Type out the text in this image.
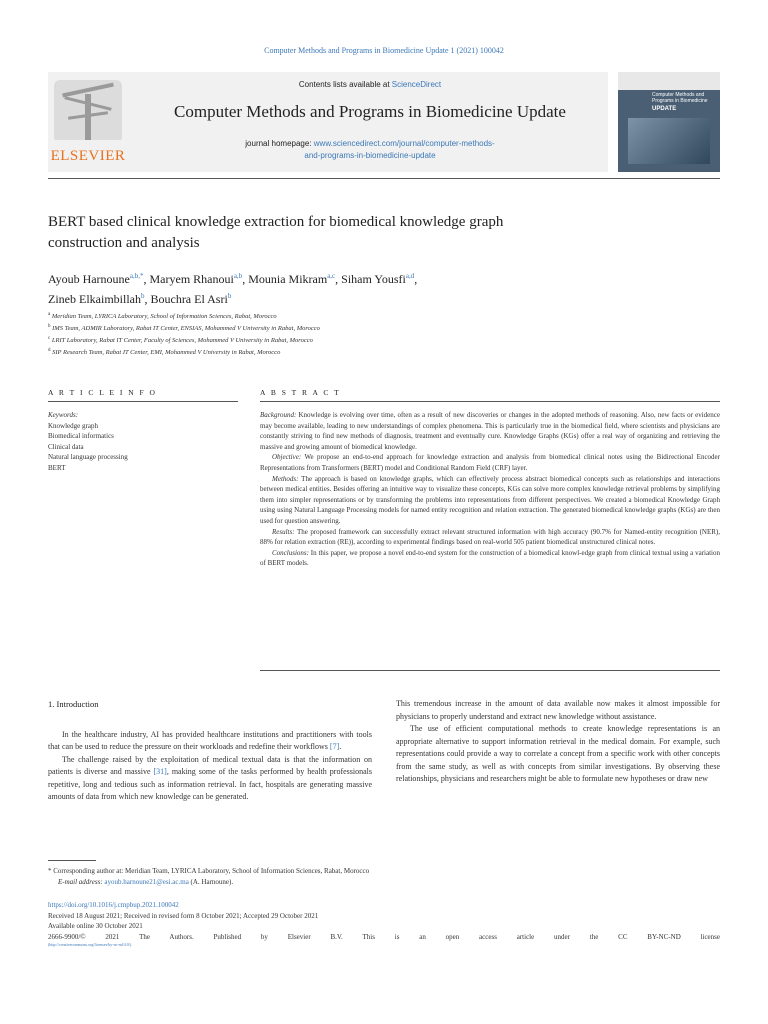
Computer Methods and Programs in Biomedicine Update 1 (2021) 100042
ELSEVIER
Contents lists available at ScienceDirect
Computer Methods and Programs in Biomedicine Update
journal homepage: www.sciencedirect.com/journal/computer-methods-
and-programs-in-biomedicine-update
Computer Methods and Programs in Biomedicine
UPDATE
BERT based clinical knowledge extraction for biomedical knowledge graph
construction and analysis
Ayoub Harnoune$^{a,b,*}$, Maryem Rhanoui$^{a,b}$, Mounia Mikram$^{a,c}$, Siham Yousfi$^{a,d}$,
Zineb Elkaimbillah$^b$, Bouchra El Asri$^b$
$^a$ Meridian Team, LYRICA Laboratory, School of Information Sciences, Rabat, Morocco
$^b$ IMS Team, ADMIR Laboratory, Rabat IT Center, ENSIAS, Mohammed V University in Rabat, Morocco
$^c$ LRIT Laboratory, Rabat IT Center, Faculty of Sciences, Mohammed V University in Rabat, Morocco
$^d$ SIP Research Team, Rabat IT Center, EMI, Mohammed V University in Rabat, Morocco
A R T I C L E I N F O	A B S T R A C T
Keywords:
Knowledge graph
Biomedical informatics
Clinical data
Natural language processing
BERT

Background: Knowledge is evolving over time, often as a result of new discoveries or changes in the adopted methods of reasoning. Also, new facts or evidence may become available, leading to new understandings of complex phenomena. This is particularly true in the biomedical field, where scientists and physicians are constantly striving to find new methods of diagnosis, treatment and eventually cure. Knowledge Graphs (KGs) offer a real way of organizing and retrieving the massive and growing amount of biomedical knowledge.

Objective: We propose an end-to-end approach for knowledge extraction and analysis from biomedical clinical notes using the Bidirectional Encoder Representations from Transformers (BERT) model and Conditional Random Field (CRF) layer.

Methods: The approach is based on knowledge graphs, which can effectively process abstract biomedical concepts such as relationships and interactions between medical entities. Besides offering an intuitive way to visualize these concepts, KGs can solve more complex knowledge retrieval problems by simplifying them into simpler representations or by transforming the problems into representations from different perspectives. We created a biomedical Knowledge Graph using using Natural Language Processing models for named entity recognition and relation extraction. The generated biomedical knowledge graphs (KGs) are then used for question answering.

Results: The proposed framework can successfully extract relevant structured information with high accuracy (90.7% for Named-entity recognition (NER), 88% for relation extraction (RE)), according to experimental findings based on real-world 505 patient biomedical unstructured clinical notes.

Conclusions: In this paper, we propose a novel end-to-end system for the construction of a biomedical knowl-edge graph from clinical textual using a variation of BERT models.

1. Introduction

In the healthcare industry, AI has provided healthcare institutions and practitioners with tools that can be used to reduce the pressure on their workloads and redefine their workflows [7].

The challenge raised by the exploitation of medical textual data is that the information on patients is diverse and massive [31], making some of the tasks performed by health professionals repetitive, long and tedious such as information retrieval. In fact, hospitals are generating massive amounts of data from which new knowledge can be generated.

This tremendous increase in the amount of data available now makes it almost impossible for physicians to properly understand and extract new knowledge without assistance.

The use of efficient computational methods to create knowledge representations is an appropriate alternative to support information retrieval in the medical domain. For example, such representations could provide a way to correlate a concept from a specific work with other concepts from the same study, as well as with concepts from similar investigations. By observing these relationships, physicians and researchers might be able to formulate new hypotheses or draw new

* Corresponding author at: Meridian Team, LYRICA Laboratory, School of Information Sciences, Rabat, Morocco
E-mail address: ayoub.harnoune21@esi.ac.ma (A. Harnoune).
https://doi.org/10.1016/j.cmpbup.2021.100042
Received 18 August 2021; Received in revised form 8 October 2021; Accepted 29 October 2021
Available online 30 October 2021
2666-9900/© 2021 The Authors. Published by Elsevier B.V. This is an open access article under the CC BY-NC-ND license
(http://creativecommons.org/licenses/by-nc-nd/4.0/).
